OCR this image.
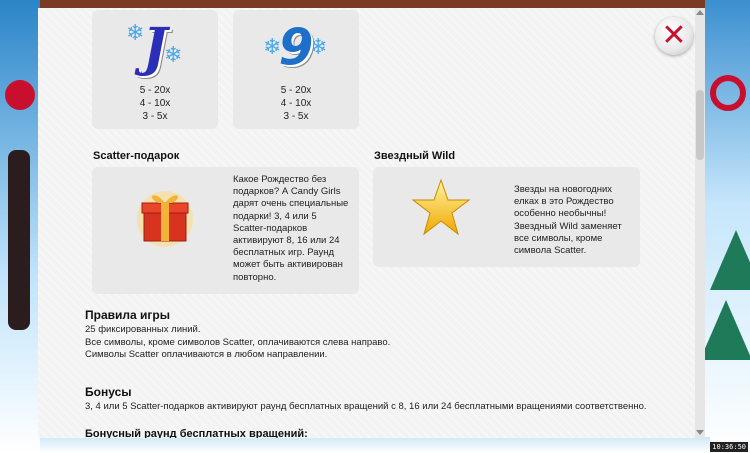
❄
❄
J
5 - 20x
4 - 10x
3 - 5x
❄ ❄
9
5 - 20x
4 - 10x
3 - 5x
Scatter-подарок
Какое Рождество без
подарков? А Candy Girls
дарят очень специальные
подарки! 3, 4 или 5
Scatter-подарков
активируют 8, 16 или 24
бесплатных игр. Раунд
может быть активирован
повторно.
Звездный Wild
Звезды на новогодних
елках в это Рождество
особенно необычны!
Звездный Wild заменяет
все символы, кроме
символа Scatter.
Правила игры
25 фиксированных линий.
Все символы, кроме символов Scatter, оплачиваются слева направо.
Символы Scatter оплачиваются в любом направлении.
Бонусы
3, 4 или 5 Scatter-подарков активируют раунд бесплатных вращений с 8, 16 или 24 бесплатными вращениями соответственно.
Бонусный раунд бесплатных вращений:
✕
10:36:50
